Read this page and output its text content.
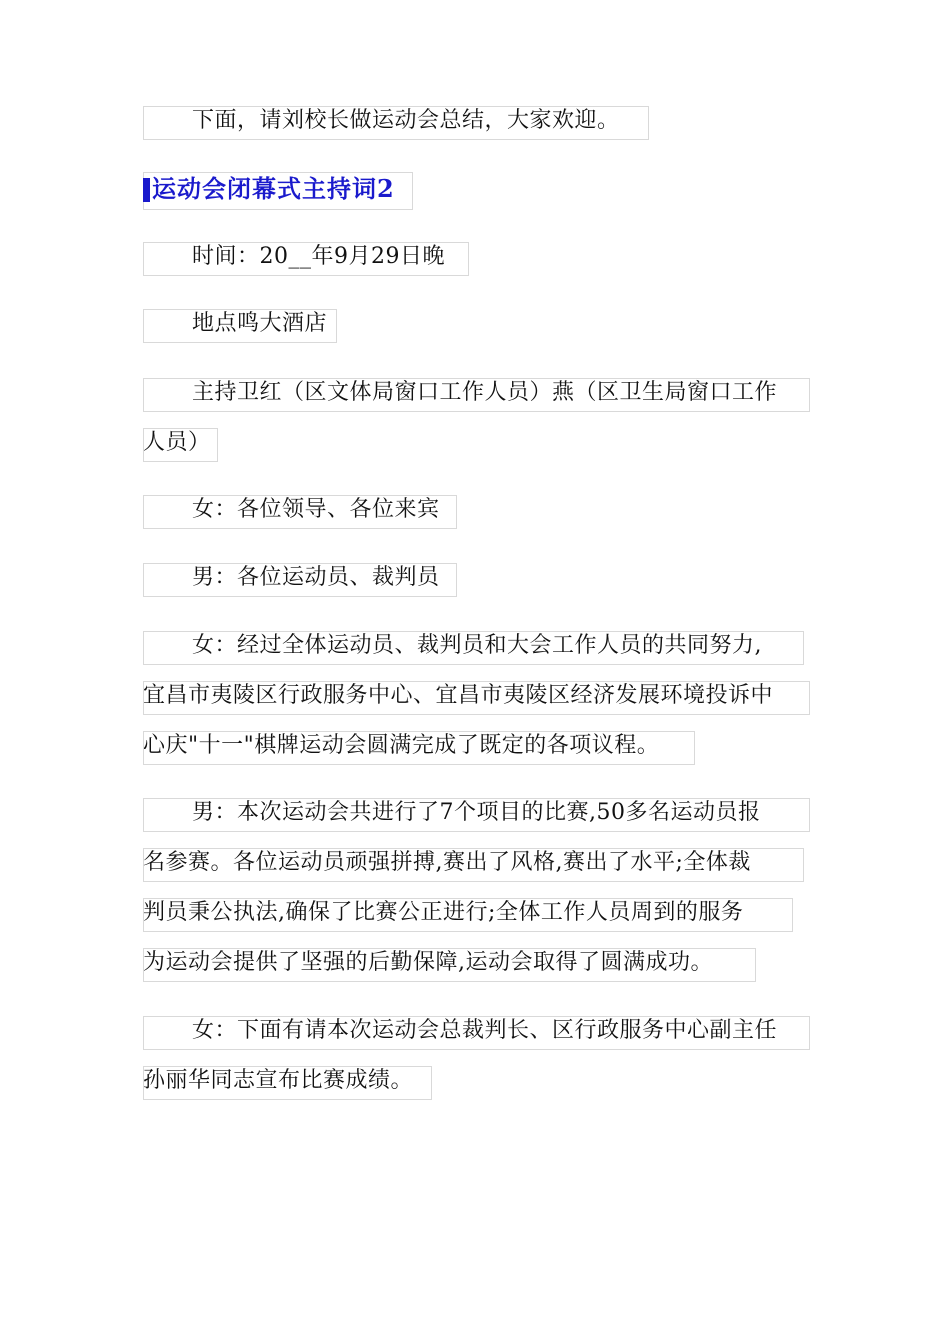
下面，请刘校长做运动会总结，大家欢迎。
运动会闭幕式主持词2
时间：20__年9月29日晚
地点鸣大酒店
主持卫红（区文体局窗口工作人员）燕（区卫生局窗口工作
人员）
女：各位领导、各位来宾
男：各位运动员、裁判员
女：经过全体运动员、裁判员和大会工作人员的共同努力,
宜昌市夷陵区行政服务中心、宜昌市夷陵区经济发展环境投诉中
心庆"十一"棋牌运动会圆满完成了既定的各项议程。
男：本次运动会共进行了7个项目的比赛,50多名运动员报
名参赛。各位运动员顽强拼搏,赛出了风格,赛出了水平;全体裁
判员秉公执法,确保了比赛公正进行;全体工作人员周到的服务
为运动会提供了坚强的后勤保障,运动会取得了圆满成功。
女：下面有请本次运动会总裁判长、区行政服务中心副主任
孙丽华同志宣布比赛成绩。
